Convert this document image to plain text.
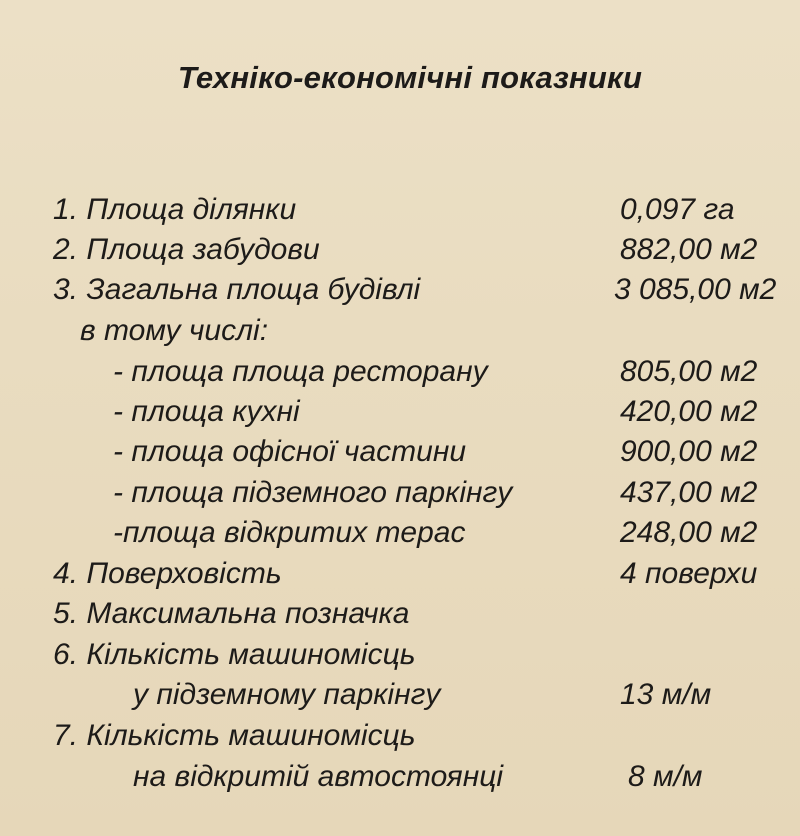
Техніко-економічні показники
1. Площа ділянки	0,097 га
2. Площа забудови	882,00 м2
3. Загальна площа будівлі	3 085,00 м2
в тому числі:
- площа площа ресторану	805,00 м2
- площа кухні	420,00 м2
- площа офісної частини	900,00 м2
- площа підземного паркінгу	437,00 м2
-площа відкритих терас	248,00 м2
4. Поверховість	4 поверхи
5. Максимальна позначка
6. Кількість машиномісць
у підземному паркінгу	13 м/м
7. Кількість машиномісць
на відкритій автостоянці	8 м/м
